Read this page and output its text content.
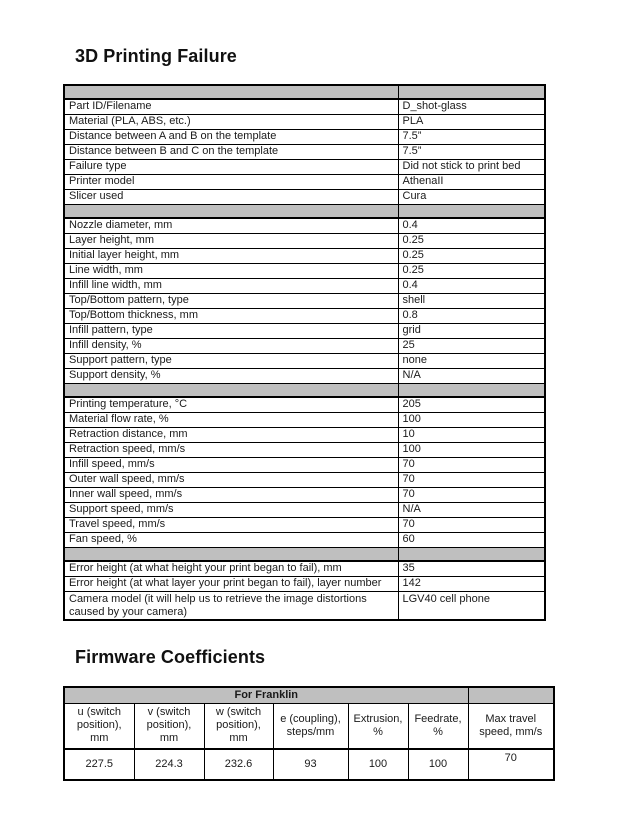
3D Printing Failure

Part ID/Filename	D_shot-glass
Material (PLA, ABS, etc.)	PLA
Distance between A and B on the template	7.5”
Distance between B and C on the template	7.5”
Failure type	Did not stick to print bed
Printer model	AthenaII
Slicer used	Cura

Nozzle diameter, mm	0.4
Layer height, mm	0.25
Initial layer height, mm	0.25
Line width, mm	0.25
Infill line width, mm	0.4
Top/Bottom pattern, type	shell
Top/Bottom thickness, mm	0.8
Infill pattern, type	grid
Infill density, %	25
Support pattern, type	none
Support density, %	N/A

Printing temperature, °C	205
Material flow rate, %	100
Retraction distance, mm	10
Retraction speed, mm/s	100
Infill speed, mm/s	70
Outer wall speed, mm/s	70
Inner wall speed, mm/s	70
Support speed, mm/s	N/A
Travel speed, mm/s	70
Fan speed, %	60

Error height (at what height your print began to fail), mm	35
Error height (at what layer your print began to fail), layer number	142
Camera model (it will help us to retrieve the image distortions caused by your camera)	LGV40 cell phone
Firmware Coefficients
For Franklin						
u (switch position), mm	v (switch position), mm	w (switch position), mm	e (coupling), steps/mm	Extrusion, %	Feedrate, %	Max travel speed, mm/s
227.5	224.3	232.6	93	100	100	70
